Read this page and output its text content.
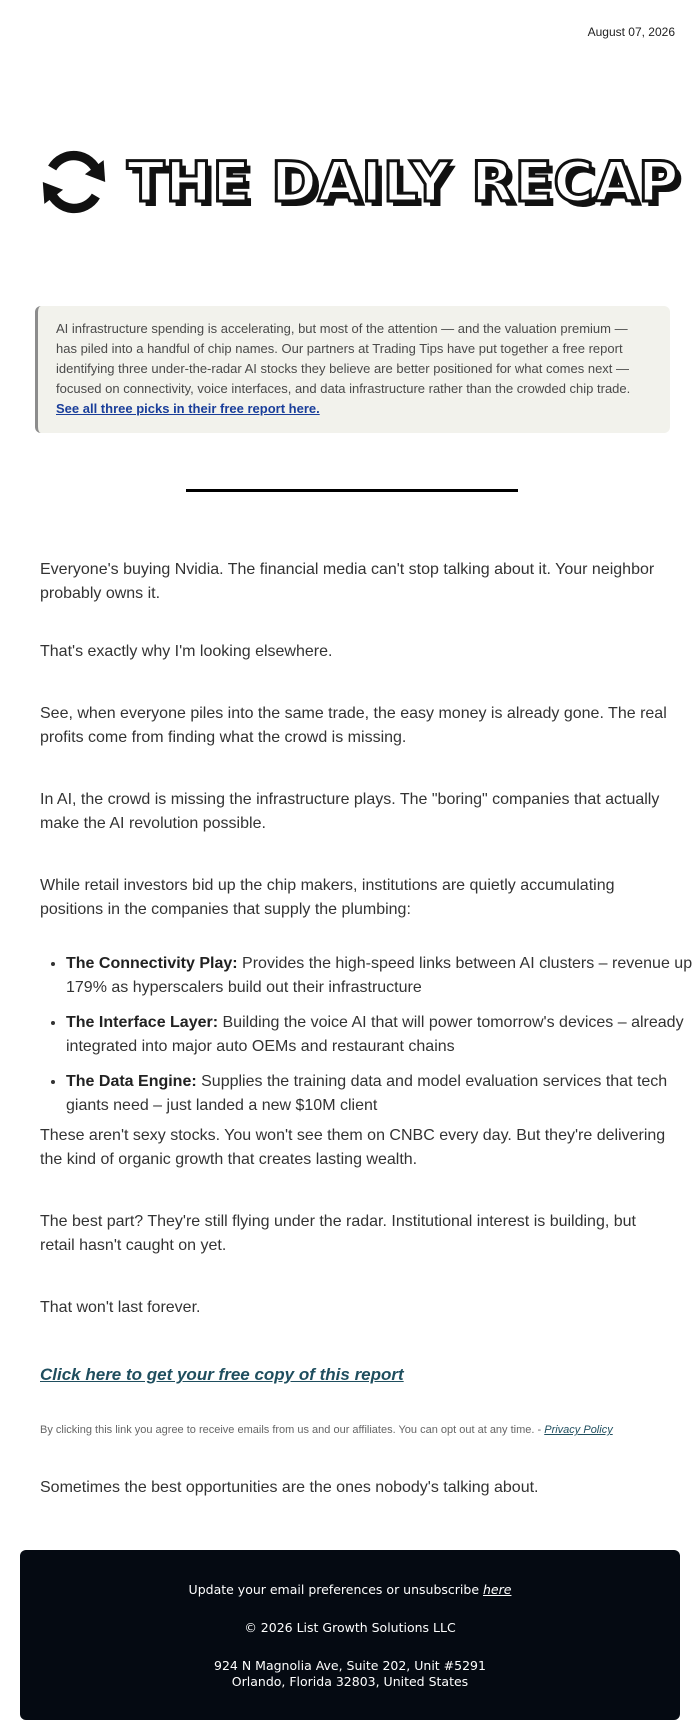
August 07, 2026
THE DAILY RECAP
AI infrastructure spending is accelerating, but most of the attention — and the valuation premium — has piled into a handful of chip names. Our partners at Trading Tips have put together a free report identifying three under-the-radar AI stocks they believe are better positioned for what comes next — focused on connectivity, voice interfaces, and data infrastructure rather than the crowded chip trade. See all three picks in their free report here.

Everyone's buying Nvidia. The financial media can't stop talking about it. Your neighbor probably owns it.

That's exactly why I'm looking elsewhere.

See, when everyone piles into the same trade, the easy money is already gone. The real profits come from finding what the crowd is missing.

In AI, the crowd is missing the infrastructure plays. The "boring" companies that actually make the AI revolution possible.

While retail investors bid up the chip makers, institutions are quietly accumulating positions in the companies that supply the plumbing:

• The Connectivity Play: Provides the high-speed links between AI clusters – revenue up 179% as hyperscalers build out their infrastructure
• The Interface Layer: Building the voice AI that will power tomorrow's devices – already integrated into major auto OEMs and restaurant chains
• The Data Engine: Supplies the training data and model evaluation services that tech giants need – just landed a new $10M client

These aren't sexy stocks. You won't see them on CNBC every day. But they're delivering the kind of organic growth that creates lasting wealth.

The best part? They're still flying under the radar. Institutional interest is building, but retail hasn't caught on yet.

That won't last forever.

Click here to get your free copy of this report
By clicking this link you agree to receive emails from us and our affiliates. You can opt out at any time. - Privacy Policy

Sometimes the best opportunities are the ones nobody's talking about.

Update your email preferences or unsubscribe here
© 2026 List Growth Solutions LLC
924 N Magnolia Ave, Suite 202, Unit #5291
Orlando, Florida 32803, United States
